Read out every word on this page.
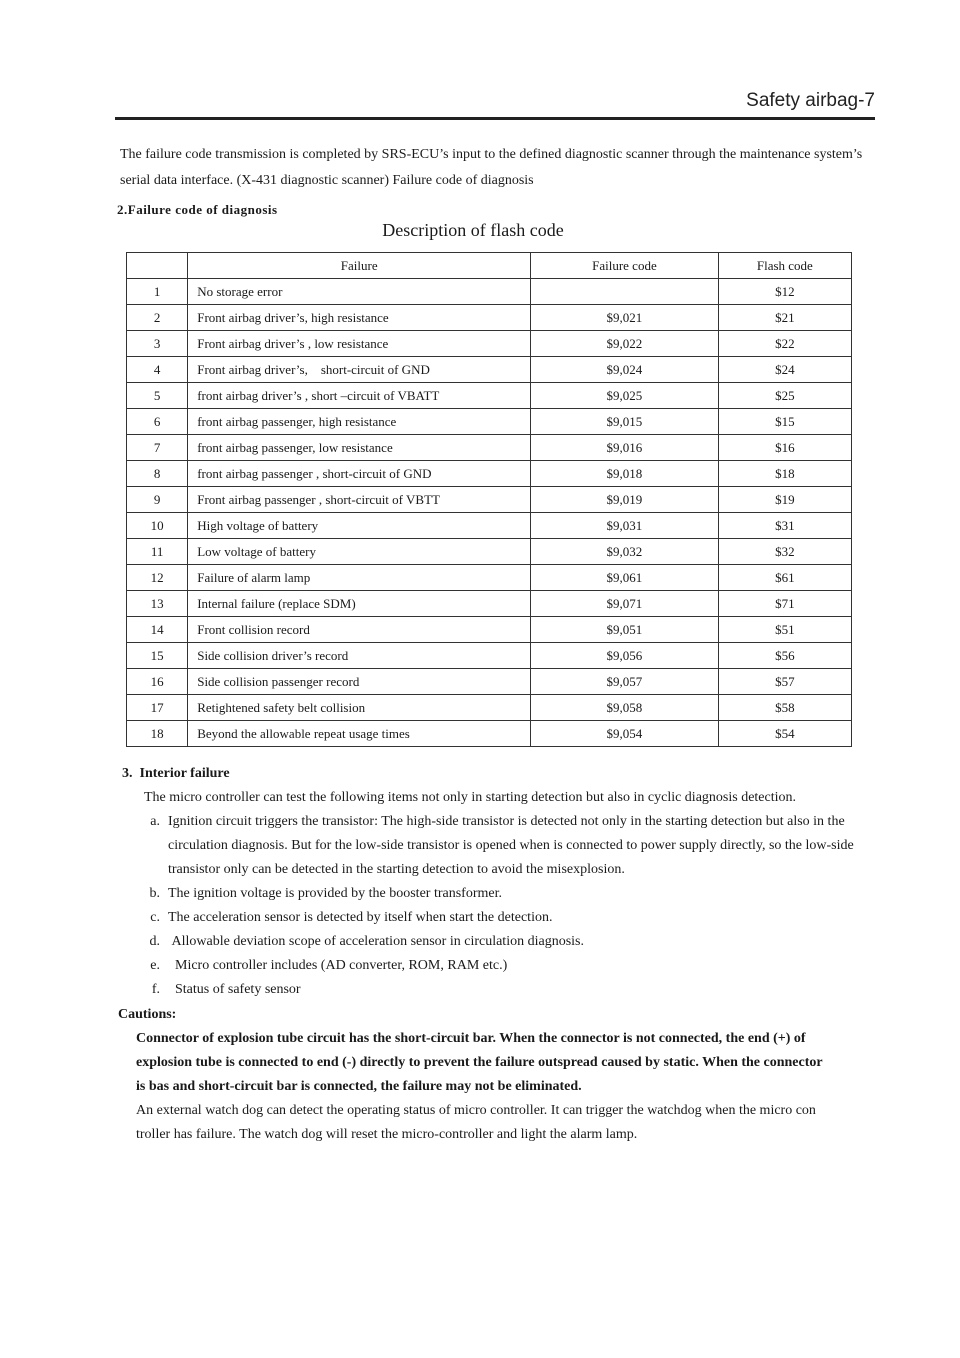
Safety airbag-7
The failure code transmission is completed by SRS-ECU’s input to the defined diagnostic scanner through the maintenance system’s
serial data interface. (X-431 diagnostic scanner) Failure code of diagnosis
2.Failure code of diagnosis
Description of flash code
	Failure	Failure code	Flash code
1	No storage error		$12
2	Front airbag driver’s, high resistance	$9,021	$21
3	Front airbag driver’s , low resistance	$9,022	$22
4	Front airbag driver’s,    short-circuit of GND	$9,024	$24
5	front airbag driver’s , short –circuit of VBATT	$9,025	$25
6	front airbag passenger, high resistance	$9,015	$15
7	front airbag passenger, low resistance	$9,016	$16
8	front airbag passenger , short-circuit of GND	$9,018	$18
9	Front airbag passenger , short-circuit of VBTT	$9,019	$19
10	High voltage of battery	$9,031	$31
11	Low voltage of battery	$9,032	$32
12	Failure of alarm lamp	$9,061	$61
13	Internal failure (replace SDM)	$9,071	$71
14	Front collision record	$9,051	$51
15	Side collision driver’s record	$9,056	$56
16	Side collision passenger record	$9,057	$57
17	Retightened safety belt collision	$9,058	$58
18	Beyond the allowable repeat usage times	$9,054	$54
3.  Interior failure
The micro controller can test the following items not only in starting detection but also in cyclic diagnosis detection.
a. Ignition circuit triggers the transistor: The high-side transistor is detected not only in the starting detection but also in the
circulation diagnosis. But for the low-side transistor is opened when is connected to power supply directly, so the low-side
transistor only can be detected in the starting detection to avoid the misexplosion.
b. The ignition voltage is provided by the booster transformer.
c. The acceleration sensor is detected by itself when start the detection.
d. Allowable deviation scope of acceleration sensor in circulation diagnosis.
e. Micro controller includes (AD converter, ROM, RAM etc.)
f. Status of safety sensor
Cautions:
Connector of explosion tube circuit has the short-circuit bar. When the connector is not connected, the end (+) of
explosion tube is connected to end (-) directly to prevent the failure outspread caused by static. When the connector
is bas and short-circuit bar is connected, the failure may not be eliminated.
An external watch dog can detect the operating status of micro controller. It can trigger the watchdog when the micro con
troller has failure. The watch dog will reset the micro-controller and light the alarm lamp.
